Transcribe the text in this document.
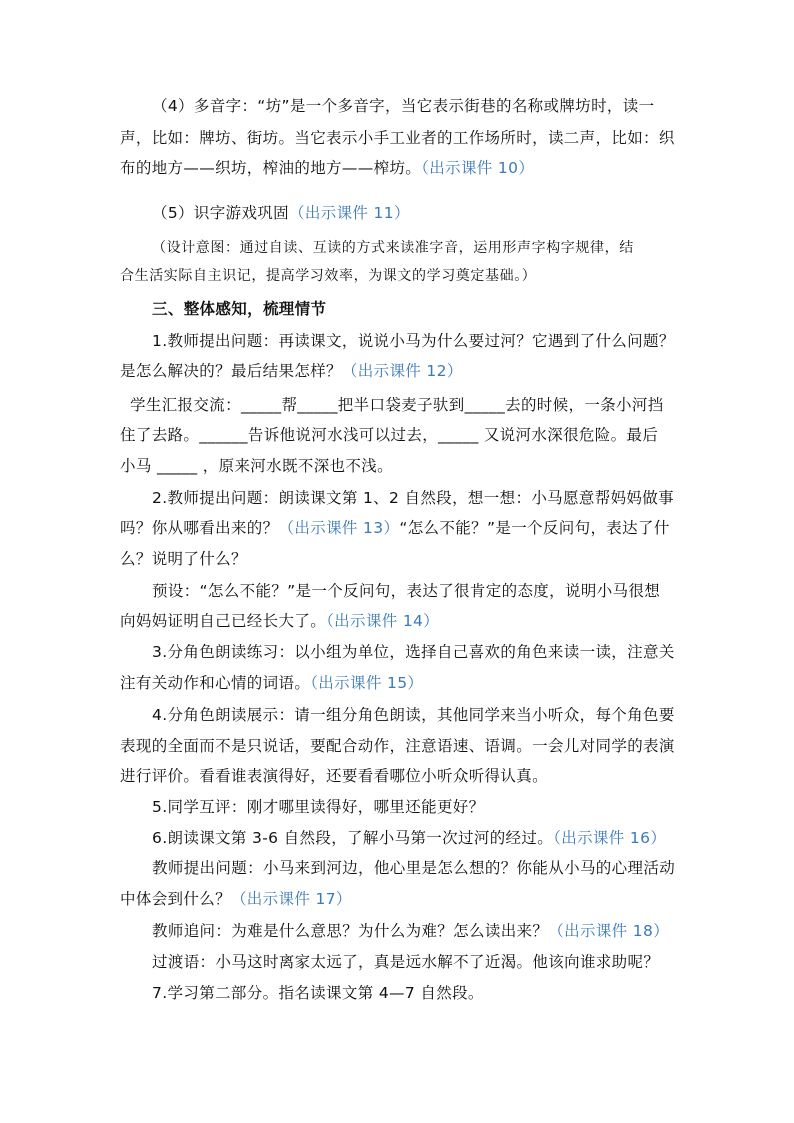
（4）多音字：“坊”是一个多音字，当它表示街巷的名称或牌坊时，读一
声，比如：牌坊、街坊。当它表示小手工业者的工作场所时，读二声，比如：织
布的地方——织坊，榨油的地方——榨坊。（出示课件 10）
（5）识字游戏巩固（出示课件 11）
（设计意图：通过自读、互读的方式来读准字音，运用形声字构字规律，结
合生活实际自主识记，提高学习效率，为课文的学习奠定基础。）
三、整体感知，梳理情节
1.教师提出问题：再读课文，说说小马为什么要过河？它遇到了什么问题？
是怎么解决的？最后结果怎样？（出示课件 12）
学生汇报交流：_____帮_____把半口袋麦子驮到_____去的时候，一条小河挡
住了去路。______告诉他说河水浅可以过去，_____ 又说河水深很危险。最后
小马 _____ ，原来河水既不深也不浅。
2.教师提出问题：朗读课文第 1、2 自然段，想一想：小马愿意帮妈妈做事
吗？你从哪看出来的？（出示课件 13）“怎么不能？”是一个反问句，表达了什
么？说明了什么？
预设：“怎么不能？”是一个反问句，表达了很肯定的态度，说明小马很想
向妈妈证明自己已经长大了。（出示课件 14）
3.分角色朗读练习：以小组为单位，选择自己喜欢的角色来读一读，注意关
注有关动作和心情的词语。（出示课件 15）
4.分角色朗读展示：请一组分角色朗读，其他同学来当小听众，每个角色要
表现的全面而不是只说话，要配合动作，注意语速、语调。一会儿对同学的表演
进行评价。看看谁表演得好，还要看看哪位小听众听得认真。
5.同学互评：刚才哪里读得好，哪里还能更好？
6.朗读课文第 3-6 自然段，了解小马第一次过河的经过。（出示课件 16）
教师提出问题：小马来到河边，他心里是怎么想的？你能从小马的心理活动
中体会到什么？（出示课件 17）
教师追问：为难是什么意思？为什么为难？怎么读出来？（出示课件 18）
过渡语：小马这时离家太远了，真是远水解不了近渴。他该向谁求助呢？
7.学习第二部分。指名读课文第 4—7 自然段。
